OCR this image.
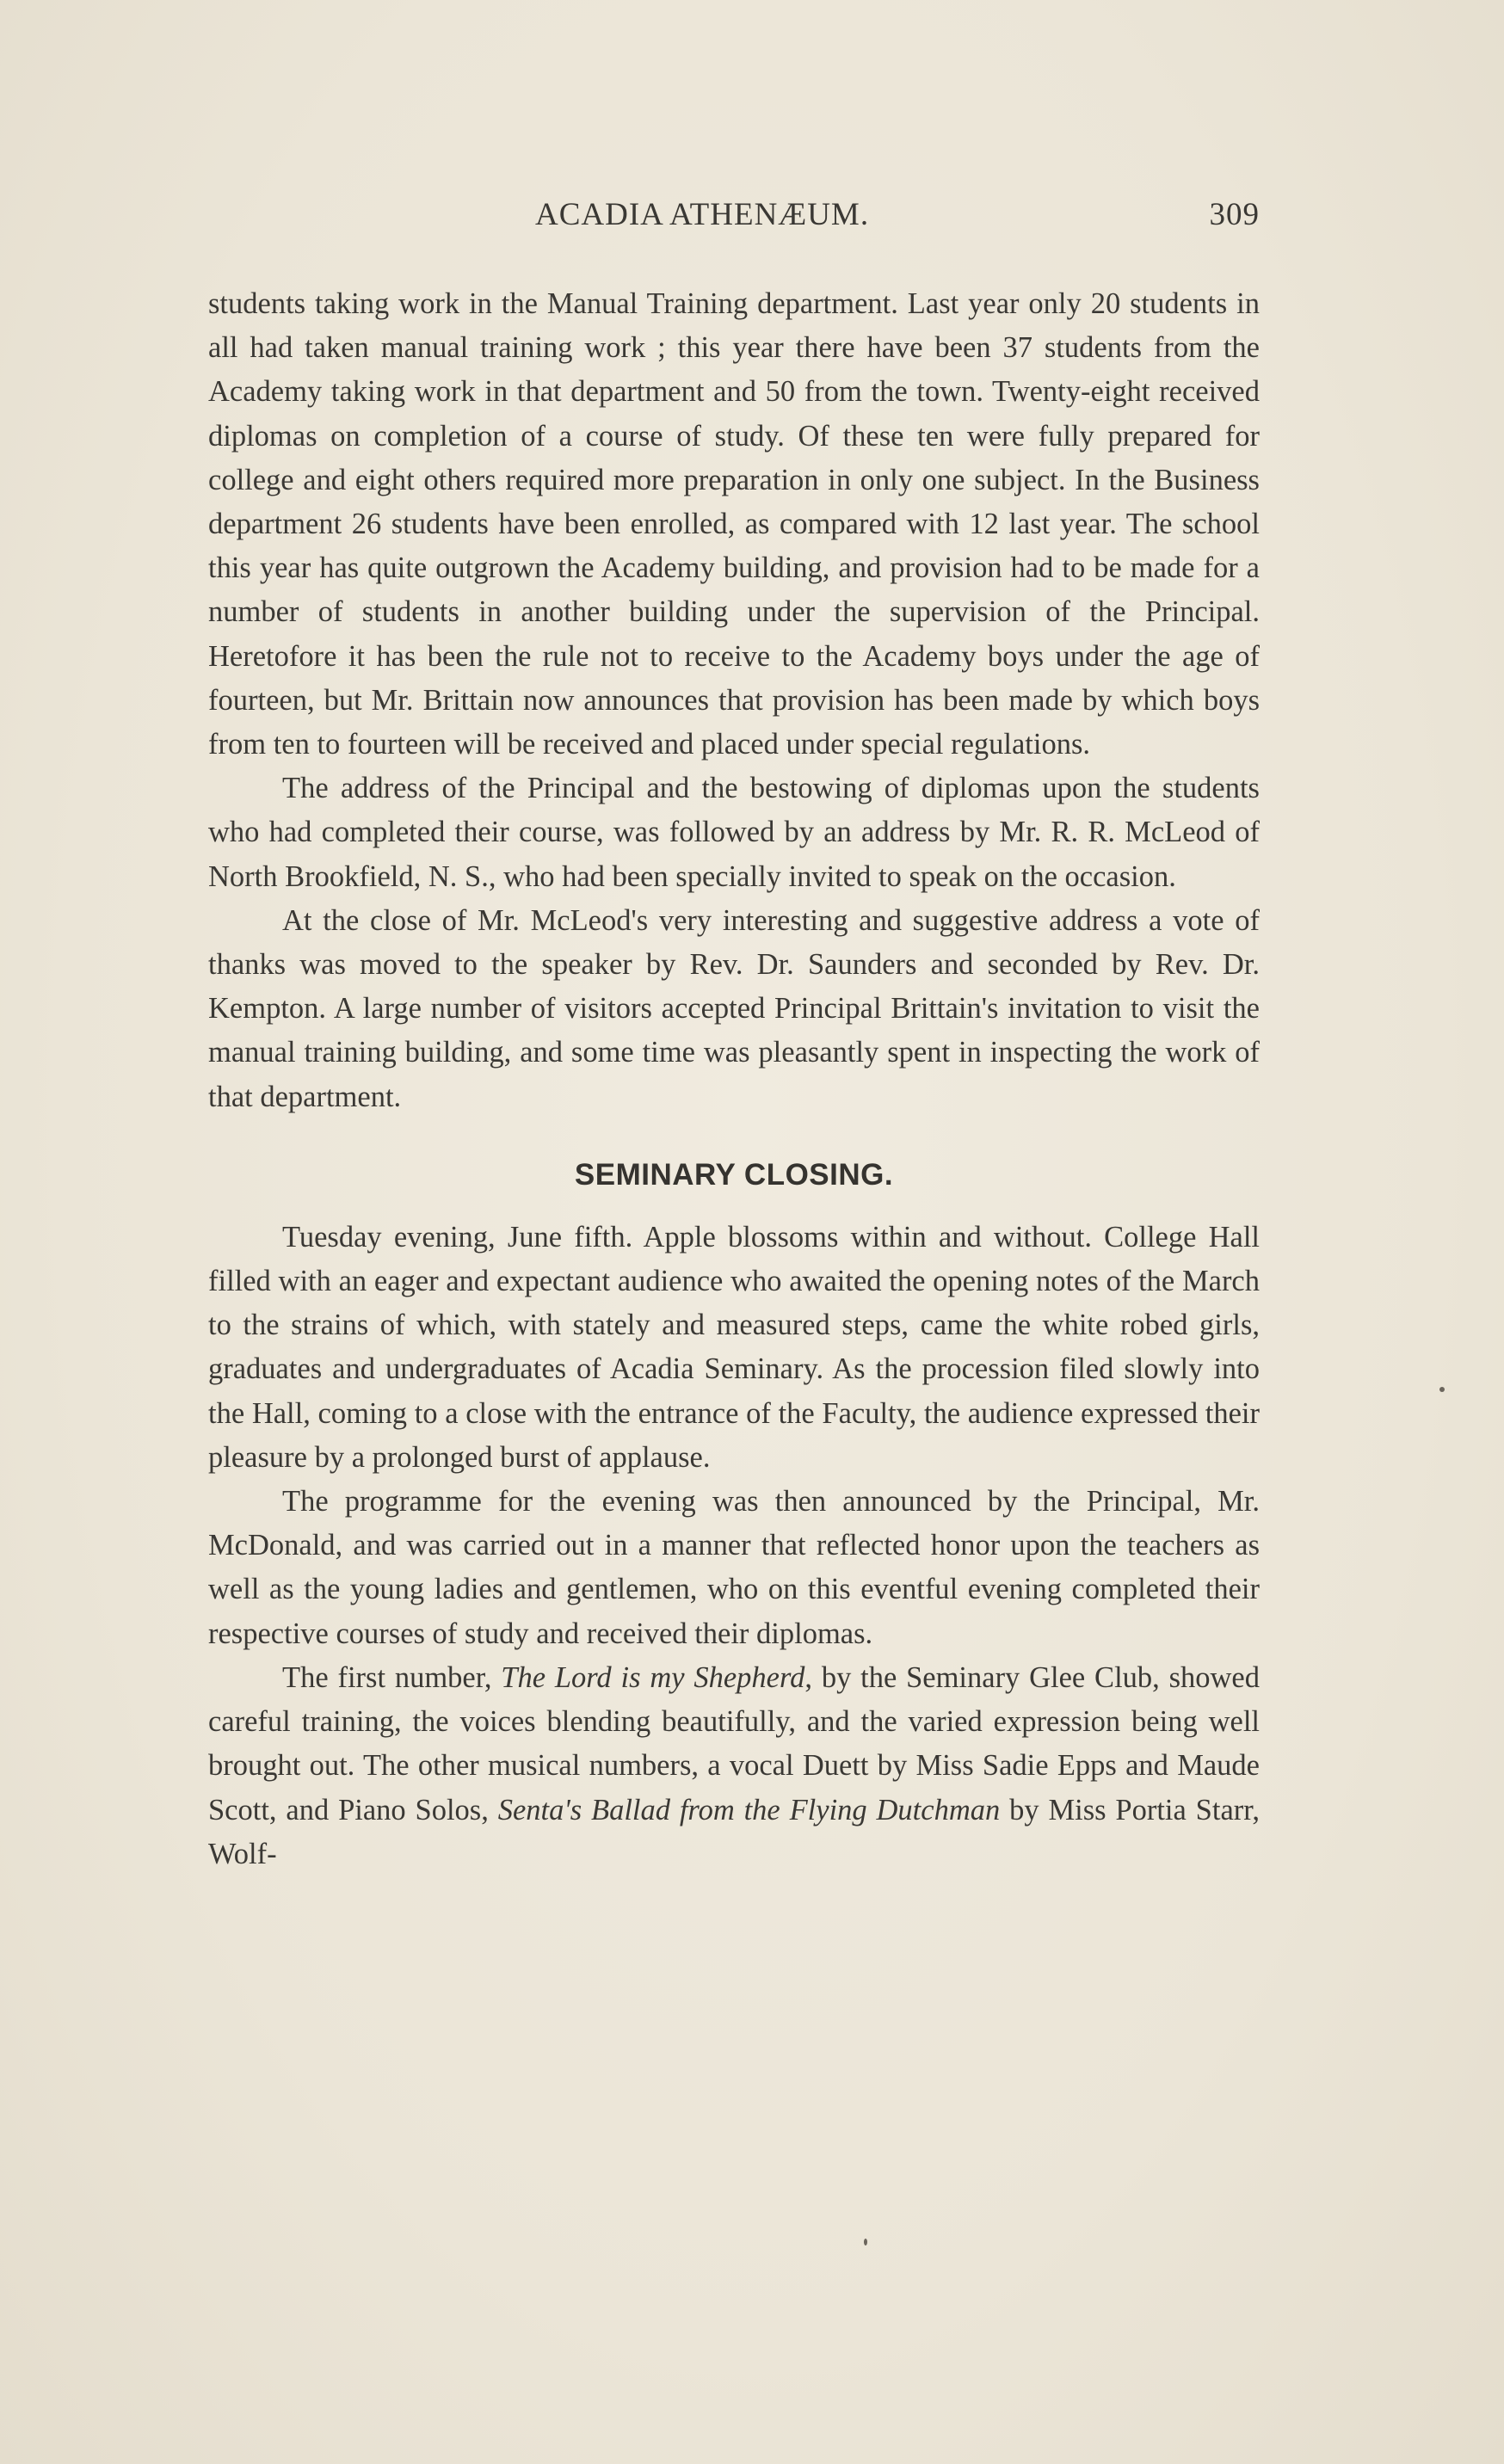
ACADIA ATHENÆUM.	309

students taking work in the Manual Training department. Last year only 20 students in all had taken manual training work ; this year there have been 37 students from the Academy taking work in that department and 50 from the town. Twenty-eight received diplomas on completion of a course of study. Of these ten were fully prepared for college and eight others required more preparation in only one subject. In the Business department 26 students have been enrolled, as compared with 12 last year. The school this year has quite outgrown the Academy building, and provision had to be made for a number of students in another building under the supervision of the Principal. Heretofore it has been the rule not to receive to the Academy boys under the age of fourteen, but Mr. Brittain now announces that provision has been made by which boys from ten to fourteen will be received and placed under special regulations.

The address of the Principal and the bestowing of diplomas upon the students who had completed their course, was followed by an address by Mr. R. R. McLeod of North Brookfield, N. S., who had been specially invited to speak on the occasion.

At the close of Mr. McLeod's very interesting and suggestive address a vote of thanks was moved to the speaker by Rev. Dr. Saunders and seconded by Rev. Dr. Kempton. A large number of visitors accepted Principal Brittain's invitation to visit the manual training building, and some time was pleasantly spent in inspecting the work of that department.

SEMINARY CLOSING.

Tuesday evening, June fifth. Apple blossoms within and without. College Hall filled with an eager and expectant audience who awaited the opening notes of the March to the strains of which, with stately and measured steps, came the white robed girls, graduates and undergraduates of Acadia Seminary. As the procession filed slowly into the Hall, coming to a close with the entrance of the Faculty, the audience expressed their pleasure by a prolonged burst of applause.

The programme for the evening was then announced by the Principal, Mr. McDonald, and was carried out in a manner that reflected honor upon the teachers as well as the young ladies and gentlemen, who on this eventful evening completed their respective courses of study and received their diplomas.

The first number, The Lord is my Shepherd, by the Seminary Glee Club, showed careful training, the voices blending beautifully, and the varied expression being well brought out. The other musical numbers, a vocal Duett by Miss Sadie Epps and Maude Scott, and Piano Solos, Senta's Ballad from the Flying Dutchman by Miss Portia Starr, Wolf-
